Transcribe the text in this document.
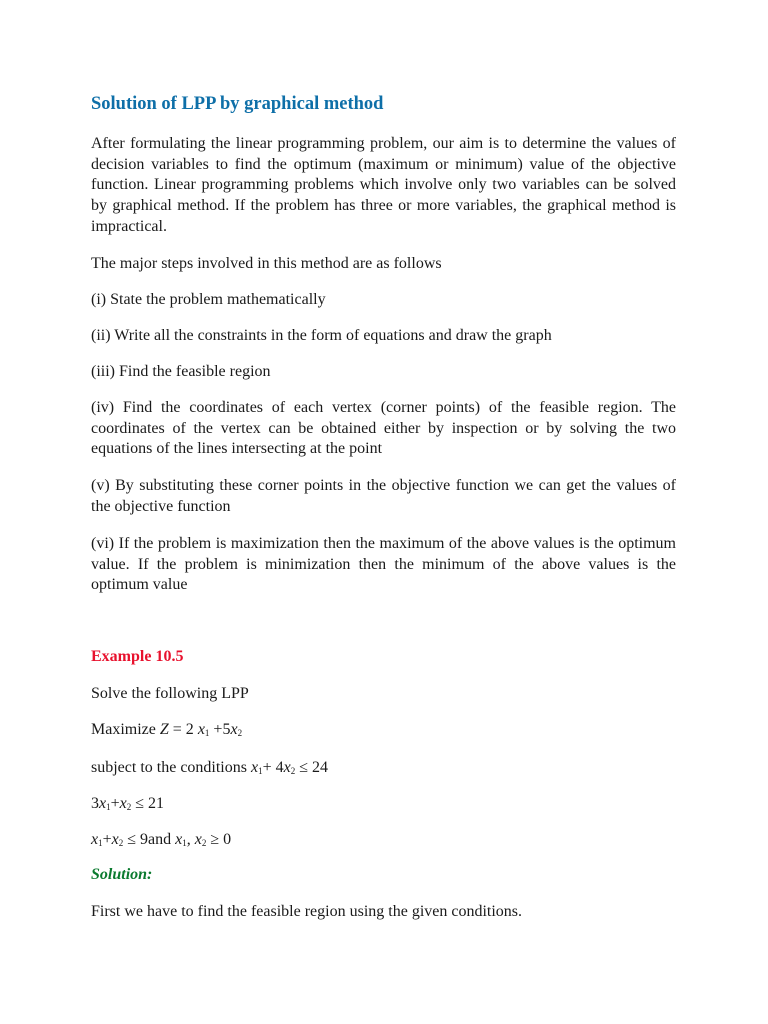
Solution of LPP by graphical method

After formulating the linear programming problem, our aim is to determine the values of decision variables to find the optimum (maximum or minimum) value of the objective function. Linear programming problems which involve only two variables can be solved by graphical method. If the problem has three or more variables, the graphical method is impractical.

The major steps involved in this method are as follows

(i) State the problem mathematically

(ii) Write all the constraints in the form of equations and draw the graph

(iii) Find the feasible region

(iv) Find the coordinates of each vertex (corner points) of the feasible region. The coordinates of the vertex can be obtained either by inspection or by solving the two equations of the lines intersecting at the point

(v) By substituting these corner points in the objective function we can get the values of the objective function

(vi) If the problem is maximization then the maximum of the above values is the optimum value. If the problem is minimization then the minimum of the above values is the optimum value

Example 10.5

Solve the following LPP

Maximize Z = 2 $x_1 +5x_2$

subject to the conditions $x_1+ 4x_2 \le 24$

$3x_1+x_2 \le 21$

$x_1+x_2 \le 9and$ $x_1$, $x_2 \ge 0$

Solution:

First we have to find the feasible region using the given conditions.
